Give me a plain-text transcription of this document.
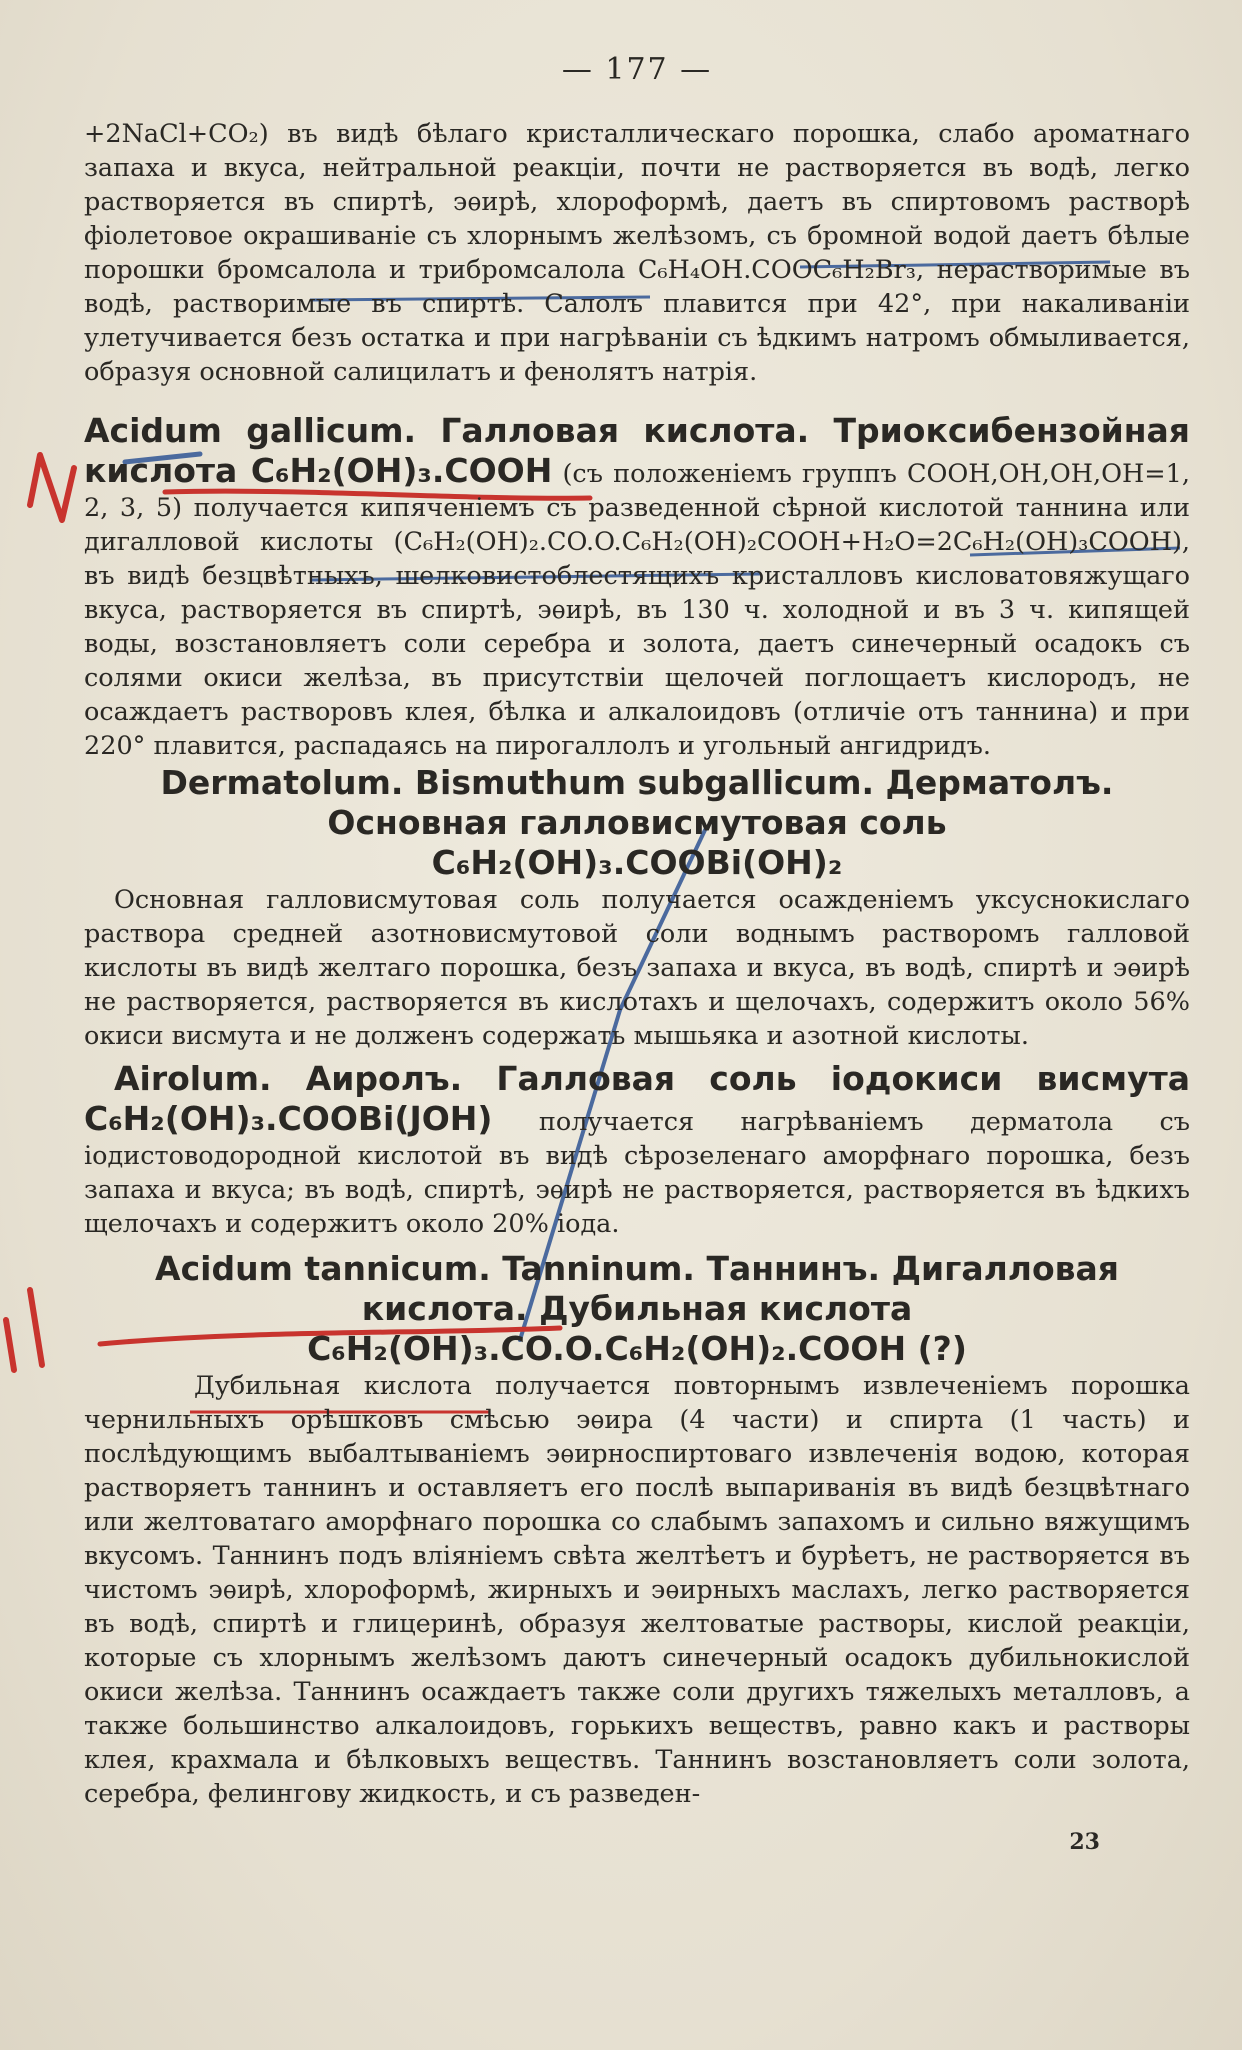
— 177 —

+2NaCl+CO₂) въ видѣ бѣлаго кристаллическаго порошка, слабо ароматнаго запаха и вкуса, нейтральной реакціи, почти не растворяется въ водѣ, легко растворяется въ спиртѣ, эѳирѣ, хлороформѣ, даетъ въ спиртовомъ растворѣ фіолетовое окрашиваніе съ хлорнымъ желѣзомъ, съ бромной водой даетъ бѣлые порошки бромсалола и трибромсалола C₆H₄OH.COOC₆H₂Br₃, нерастворимые въ водѣ, растворимые въ спиртѣ. Салолъ плавится при 42°, при накаливаніи улетучивается безъ остатка и при нагрѣваніи съ ѣдкимъ натромъ обмыливается, образуя основной салицилатъ и фенолятъ натрія.

Acidum gallicum. Галловая кислота. Триоксибензойная кислота C₆H₂(OH)₃.COOH (съ положеніемъ группъ COOH,OH,OH,OH=1, 2, 3, 5) получается кипяченіемъ съ разведенной сѣрной кислотой таннина или дигалловой кислоты (C₆H₂(OH)₂.CO.O.C₆H₂(OH)₂COOH+H₂O=2C₆H₂(OH)₃COOH), въ видѣ безцвѣтныхъ, шелковистоблестящихъ кристалловъ кисловатовяжущаго вкуса, растворяется въ спиртѣ, эѳирѣ, въ 130 ч. холодной и въ 3 ч. кипящей воды, возстановляетъ соли серебра и золота, даетъ синечерный осадокъ съ солями окиси желѣза, въ присутствіи щелочей поглощаетъ кислородъ, не осаждаетъ растворовъ клея, бѣлка и алкалоидовъ (отличіе отъ таннина) и при 220° плавится, распадаясь на пирогаллолъ и угольный ангидридъ.

Dermatolum. Bismuthum subgallicum. Дерматолъ.
Основная галловисмутовая соль
C₆H₂(OH)₃.COOBi(OH)₂

Основная галловисмутовая соль получается осажденіемъ уксуснокислаго раствора средней азотновисмутовой соли воднымъ растворомъ галловой кислоты въ видѣ желтаго порошка, безъ запаха и вкуса, въ водѣ, спиртѣ и эѳирѣ не растворяется, растворяется въ кислотахъ и щелочахъ, содержитъ около 56% окиси висмута и не долженъ содержать мышьяка и азотной кислоты.

Airolum. Аиролъ. Галловая соль іодокиси висмута C₆H₂(OH)₃.COOBi(JOH) получается нагрѣваніемъ дерматола съ іодистоводородной кислотой въ видѣ сѣрозеленаго аморфнаго порошка, безъ запаха и вкуса; въ водѣ, спиртѣ, эѳирѣ не растворяется, растворяется въ ѣдкихъ щелочахъ и содержитъ около 20% іода.

Acidum tannicum. Tanninum. Таннинъ. Дигалловая кислота. Дубильная кислота
C₆H₂(OH)₃.CO.O.C₆H₂(OH)₂.COOH (?)

Дубильная кислота получается повторнымъ извлеченіемъ порошка чернильныхъ орѣшковъ смѣсью эѳира (4 части) и спирта (1 часть) и послѣдующимъ выбалтываніемъ эѳирноспиртоваго извлеченія водою, которая растворяетъ таннинъ и оставляетъ его послѣ выпариванія въ видѣ безцвѣтнаго или желтоватаго аморфнаго порошка со слабымъ запахомъ и сильно вяжущимъ вкусомъ. Таннинъ подъ вліяніемъ свѣта желтѣетъ и бурѣетъ, не растворяется въ чистомъ эѳирѣ, хлороформѣ, жирныхъ и эѳирныхъ маслахъ, легко растворяется въ водѣ, спиртѣ и глицеринѣ, образуя желтоватые растворы, кислой реакціи, которые съ хлорнымъ желѣзомъ даютъ синечерный осадокъ дубильнокислой окиси желѣза. Таннинъ осаждаетъ также соли другихъ тяжелыхъ металловъ, а также большинство алкалоидовъ, горькихъ веществъ, равно какъ и растворы клея, крахмала и бѣлковыхъ веществъ. Таннинъ возстановляетъ соли золота, серебра, фелингову жидкость, и съ разведен-

23
